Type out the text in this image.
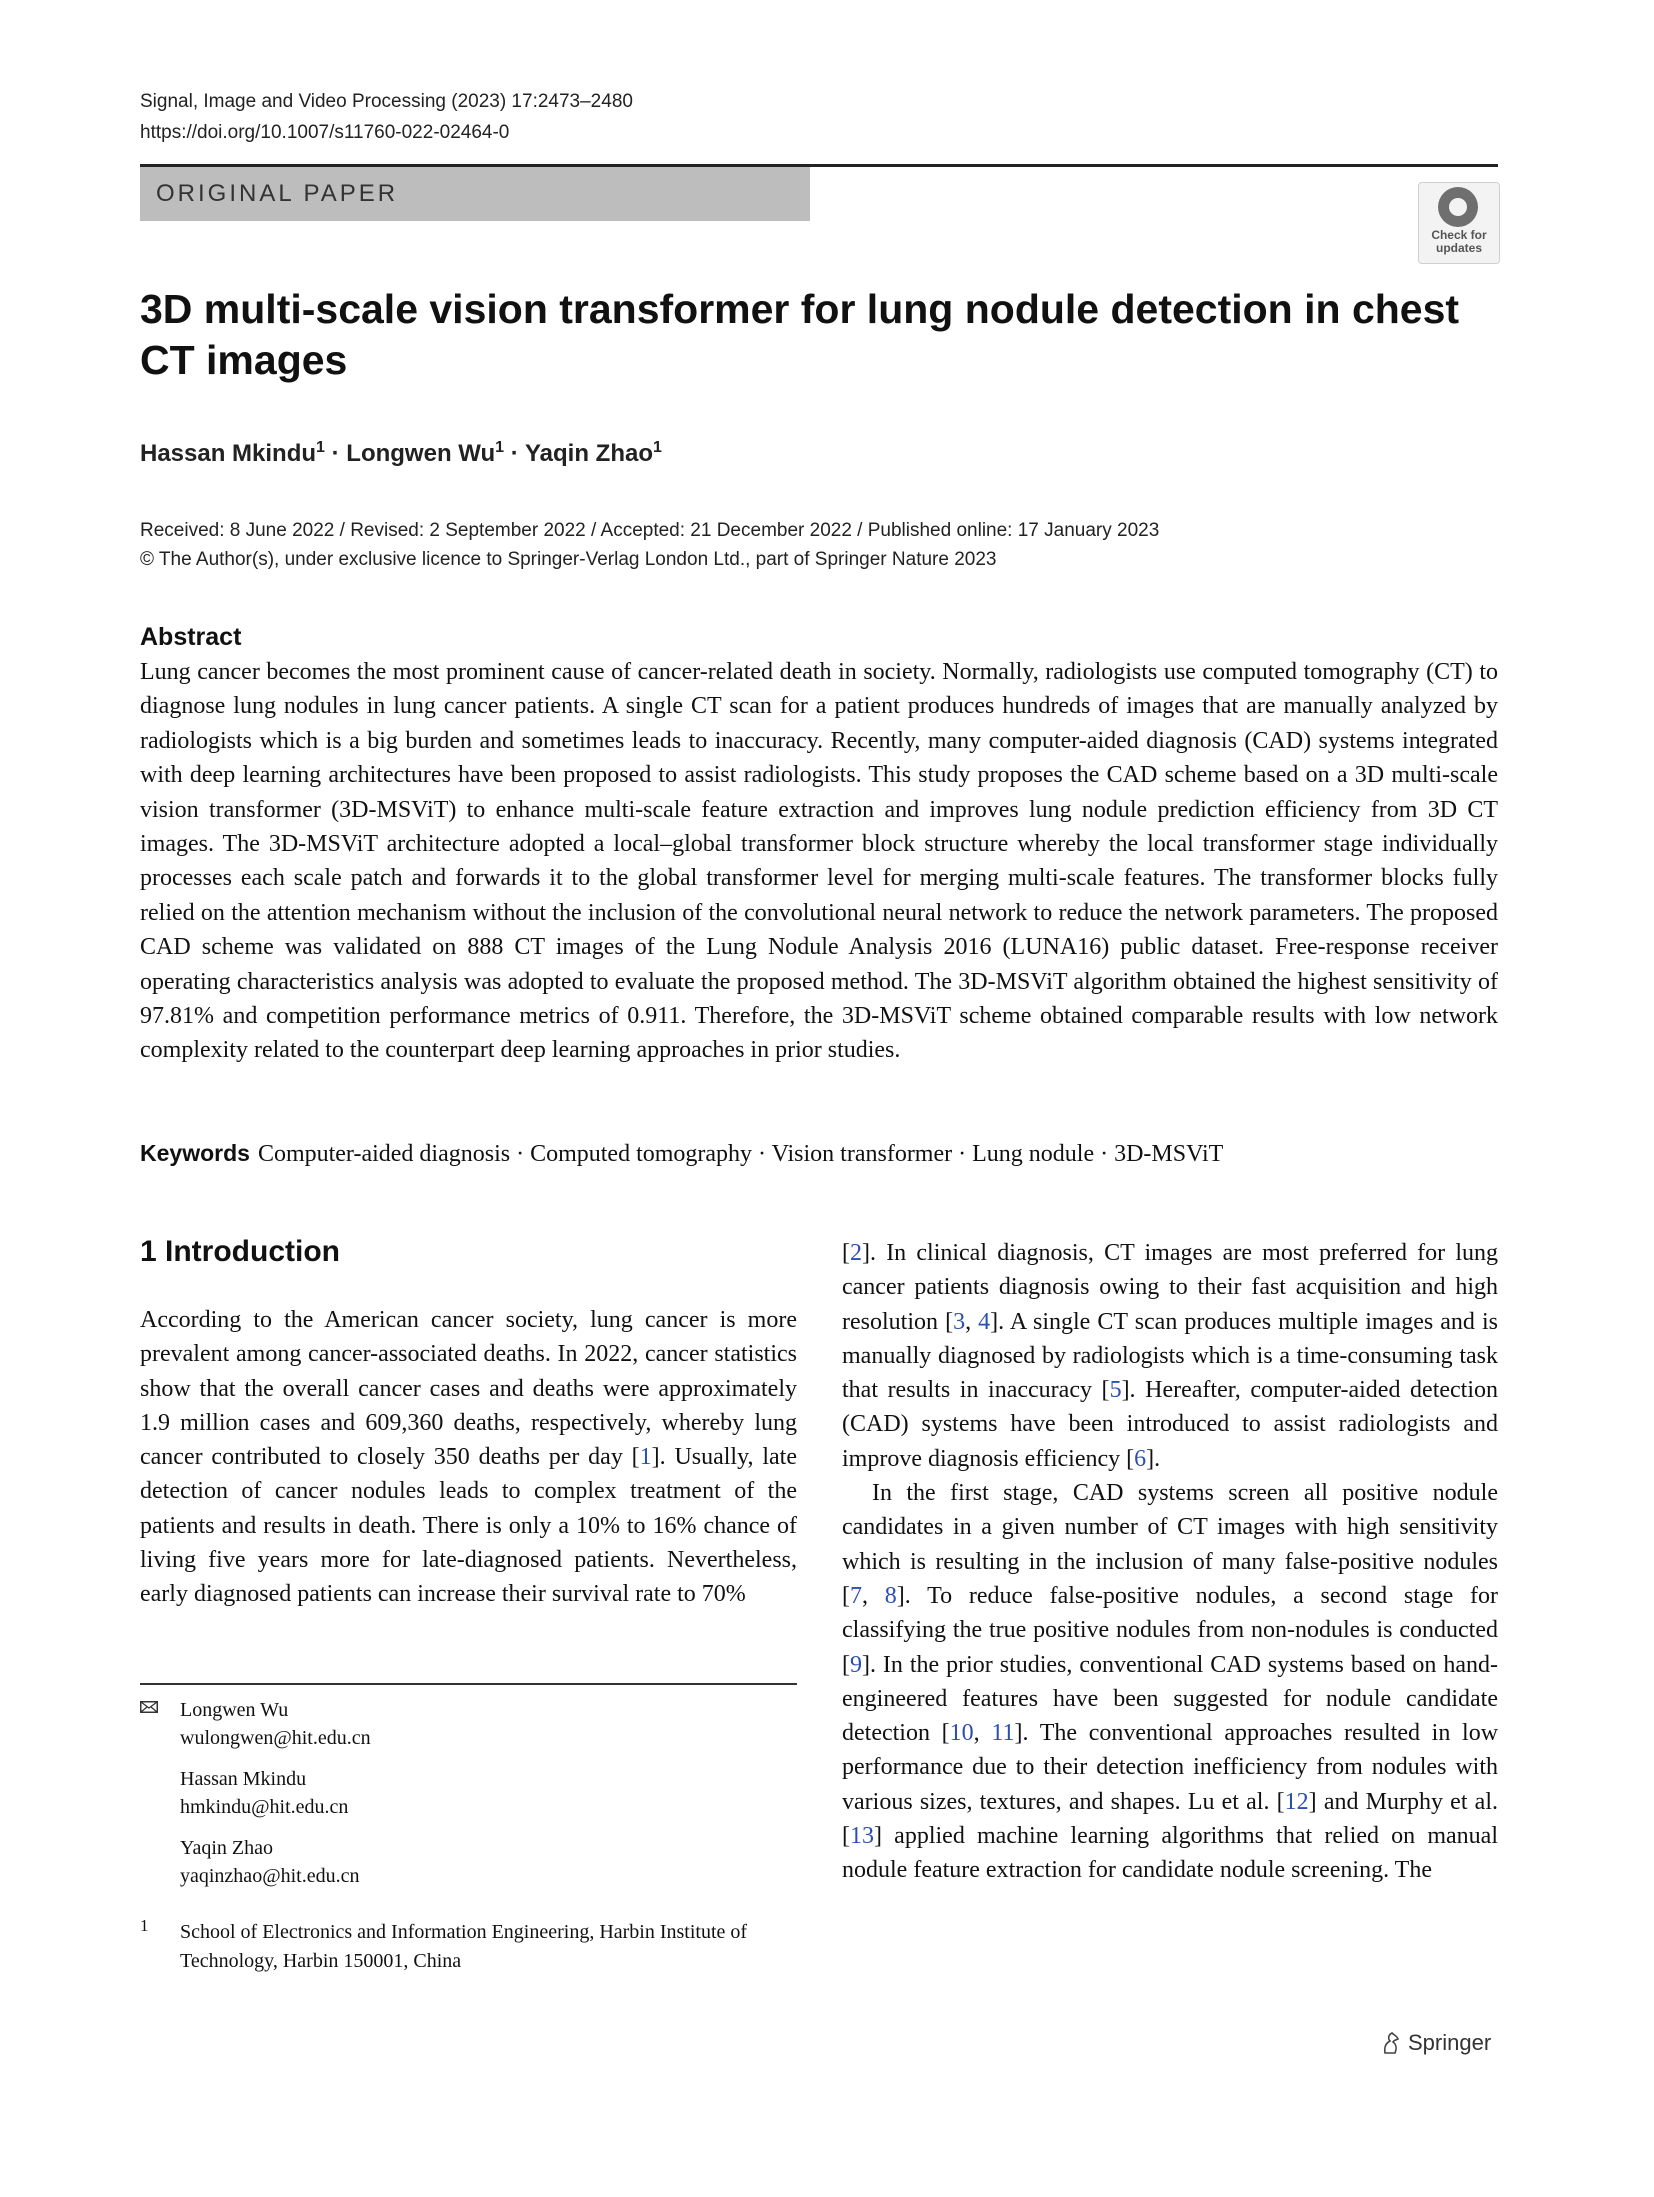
Signal, Image and Video Processing (2023) 17:2473–2480
https://doi.org/10.1007/s11760-022-02464-0
ORIGINAL PAPER
Check for updates
3D multi-scale vision transformer for lung nodule detection in chest CT images
Hassan Mkindu$^1$ · Longwen $Wu^1$ · Yaqin Zhao$^1$
Received: 8 June 2022 / Revised: 2 September 2022 / Accepted: 21 December 2022 / Published online: 17 January 2023
© The Author(s), under exclusive licence to Springer-Verlag London Ltd., part of Springer Nature 2023
Abstract
Lung cancer becomes the most prominent cause of cancer-related death in society. Normally, radiologists use computed tomography (CT) to diagnose lung nodules in lung cancer patients. A single CT scan for a patient produces hundreds of images that are manually analyzed by radiologists which is a big burden and sometimes leads to inaccuracy. Recently, many computer-aided diagnosis (CAD) systems integrated with deep learning architectures have been proposed to assist radiologists. This study proposes the CAD scheme based on a 3D multi-scale vision transformer (3D-MSViT) to enhance multi-scale feature extraction and improves lung nodule prediction efficiency from 3D CT images. The 3D-MSViT architecture adopted a local–global transformer block structure whereby the local transformer stage individually processes each scale patch and forwards it to the global transformer level for merging multi-scale features. The transformer blocks fully relied on the attention mechanism without the inclusion of the convolutional neural network to reduce the network parameters. The proposed CAD scheme was validated on 888 CT images of the Lung Nodule Analysis 2016 (LUNA16) public dataset. Free-response receiver operating characteristics analysis was adopted to evaluate the proposed method. The 3D-MSViT algorithm obtained the highest sensitivity of 97.81% and competition performance metrics of 0.911. Therefore, the 3D-MSViT scheme obtained comparable results with low network complexity related to the counterpart deep learning approaches in prior studies.
Keywords Computer-aided diagnosis · Computed tomography · Vision transformer · Lung nodule · 3D-MSViT
1 Introduction
According to the American cancer society, lung cancer is more prevalent among cancer-associated deaths. In 2022, cancer statistics show that the overall cancer cases and deaths were approximately 1.9 million cases and 609,360 deaths, respectively, whereby lung cancer contributed to closely 350 deaths per day [1]. Usually, late detection of cancer nodules leads to complex treatment of the patients and results in death. There is only a 10% to 16% chance of living five years more for late-diagnosed patients. Nevertheless, early diagnosed patients can increase their survival rate to 70%

[2]. In clinical diagnosis, CT images are most preferred for lung cancer patients diagnosis owing to their fast acquisition and high resolution [3, 4]. A single CT scan produces multiple images and is manually diagnosed by radiologists which is a time-consuming task that results in inaccuracy [5]. Hereafter, computer-aided detection (CAD) systems have been introduced to assist radiologists and improve diagnosis efficiency [6].

In the first stage, CAD systems screen all positive nodule candidates in a given number of CT images with high sensitivity which is resulting in the inclusion of many false-positive nodules [7, 8]. To reduce false-positive nodules, a second stage for classifying the true positive nodules from non-nodules is conducted [9]. In the prior studies, conventional CAD systems based on hand-engineered features have been suggested for nodule candidate detection [10, 11]. The conventional approaches resulted in low performance due to their detection inefficiency from nodules with various sizes, textures, and shapes. Lu et al. [12] and Murphy et al. [13] applied machine learning algorithms that relied on manual nodule feature extraction for candidate nodule screening. The

Longwen Wu
wulongwen@hit.edu.cn
Hassan Mkindu
hmkindu@hit.edu.cn
Yaqin Zhao
yaqinzhao@hit.edu.cn
1 School of Electronics and Information Engineering, Harbin Institute of Technology, Harbin 150001, China
Springer
